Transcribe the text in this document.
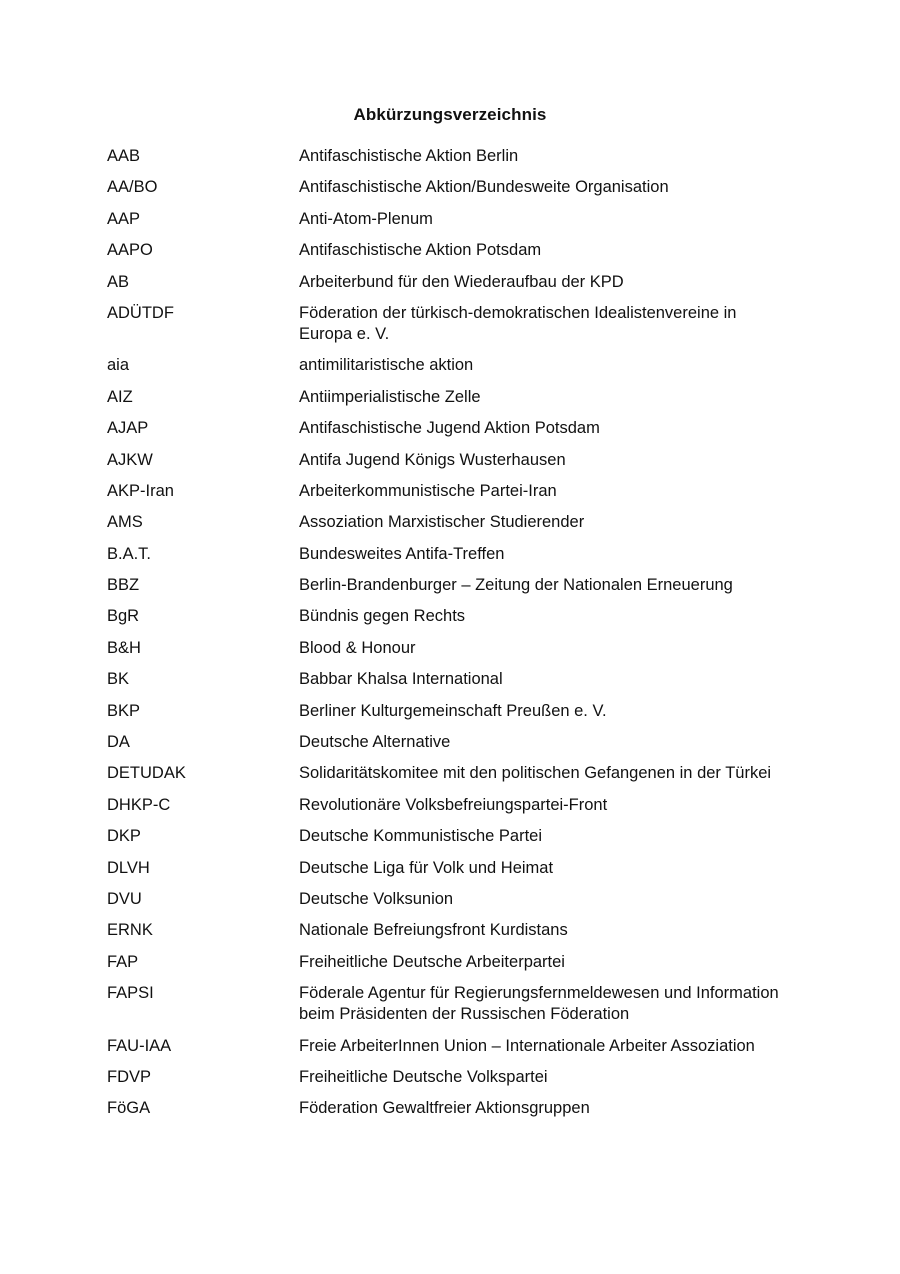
Abkürzungsverzeichnis
AAB	Antifaschistische Aktion Berlin
AA/BO	Antifaschistische Aktion/Bundesweite Organisation
AAP	Anti-Atom-Plenum
AAPO	Antifaschistische Aktion Potsdam
AB	Arbeiterbund für den Wiederaufbau der KPD
ADÜTDF	Föderation der türkisch-demokratischen Idealistenvereine in Europa e. V.
aia	antimilitaristische aktion
AIZ	Antiimperialistische Zelle
AJAP	Antifaschistische Jugend Aktion Potsdam
AJKW	Antifa Jugend Königs Wusterhausen
AKP-Iran	Arbeiterkommunistische Partei-Iran
AMS	Assoziation Marxistischer Studierender
B.A.T.	Bundesweites Antifa-Treffen
BBZ	Berlin-Brandenburger – Zeitung der Nationalen Erneuerung
BgR	Bündnis gegen Rechts
B&H	Blood & Honour
BK	Babbar Khalsa International
BKP	Berliner Kulturgemeinschaft Preußen e. V.
DA	Deutsche Alternative
DETUDAK	Solidaritätskomitee mit den politischen Gefangenen in der Türkei
DHKP-C	Revolutionäre Volksbefreiungspartei-Front
DKP	Deutsche Kommunistische Partei
DLVH	Deutsche Liga für Volk und Heimat
DVU	Deutsche Volksunion
ERNK	Nationale Befreiungsfront Kurdistans
FAP	Freiheitliche Deutsche Arbeiterpartei
FAPSI	Föderale Agentur für Regierungsfernmeldewesen und Information beim Präsidenten der Russischen Föderation
FAU-IAA	Freie ArbeiterInnen Union – Internationale Arbeiter Assoziation
FDVP	Freiheitliche Deutsche Volkspartei
FöGA	Föderation Gewaltfreier Aktionsgruppen
